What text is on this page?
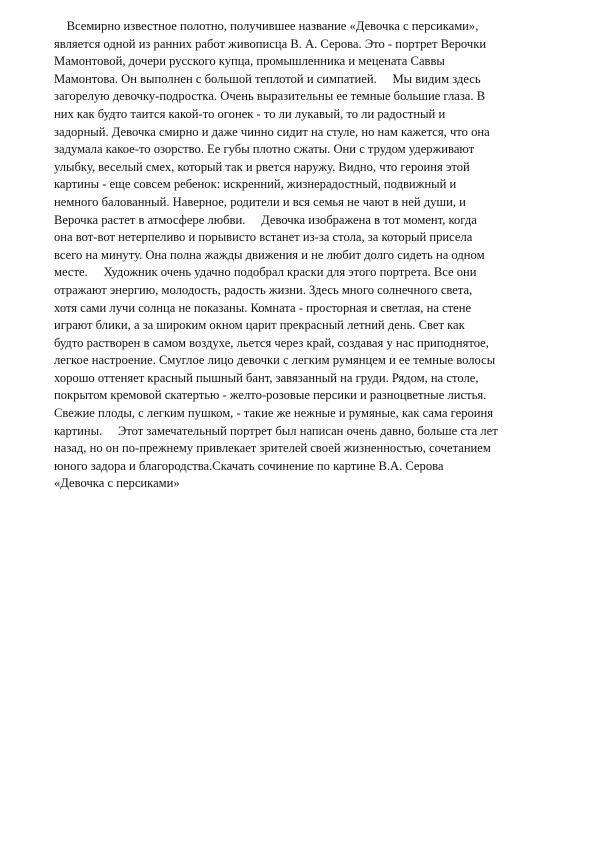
Всемирно известное полотно, получившее название «Девочка с персиками»,
является одной из ранних работ живописца В. А. Серова. Это - портрет Верочки
Мамонтовой, дочери русского купца, промышленника и мецената Саввы
Мамонтова. Он выполнен с большой теплотой и симпатией.     Мы видим здесь
загорелую девочку-подростка. Очень выразительны ее темные большие глаза. В
них как будто таится какой-то огонек - то ли лукавый, то ли радостный и
задорный. Девочка смирно и даже чинно сидит на стуле, но нам кажется, что она
задумала какое-то озорство. Ее губы плотно сжаты. Они с трудом удерживают
улыбку, веселый смех, который так и рвется наружу. Видно, что героиня этой
картины - еще совсем ребенок: искренний, жизнерадостный, подвижный и
немного балованный. Наверное, родители и вся семья не чают в ней души, и
Верочка растет в атмосфере любви.     Девочка изображена в тот момент, когда
она вот-вот нетерпеливо и порывисто встанет из-за стола, за который присела
всего на минуту. Она полна жажды движения и не любит долго сидеть на одном
месте.     Художник очень удачно подобрал краски для этого портрета. Все они
отражают энергию, молодость, радость жизни. Здесь много солнечного света,
хотя сами лучи солнца не показаны. Комната - просторная и светлая, на стене
играют блики, а за широким окном царит прекрасный летний день. Свет как
будто растворен в самом воздухе, льется через край, создавая у нас приподнятое,
легкое настроение. Смуглое лицо девочки с легким румянцем и ее темные волосы
хорошо оттеняет красный пышный бант, завязанный на груди. Рядом, на столе,
покрытом кремовой скатертью - желто-розовые персики и разноцветные листья.
Свежие плоды, с легким пушком, - такие же нежные и румяные, как сама героиня
картины.     Этот замечательный портрет был написан очень давно, больше ста лет
назад, но он по-прежнему привлекает зрителей своей жизненностью, сочетанием
юного задора и благородства.Скачать сочинение по картине В.А. Серова
«Девочка с персиками»
